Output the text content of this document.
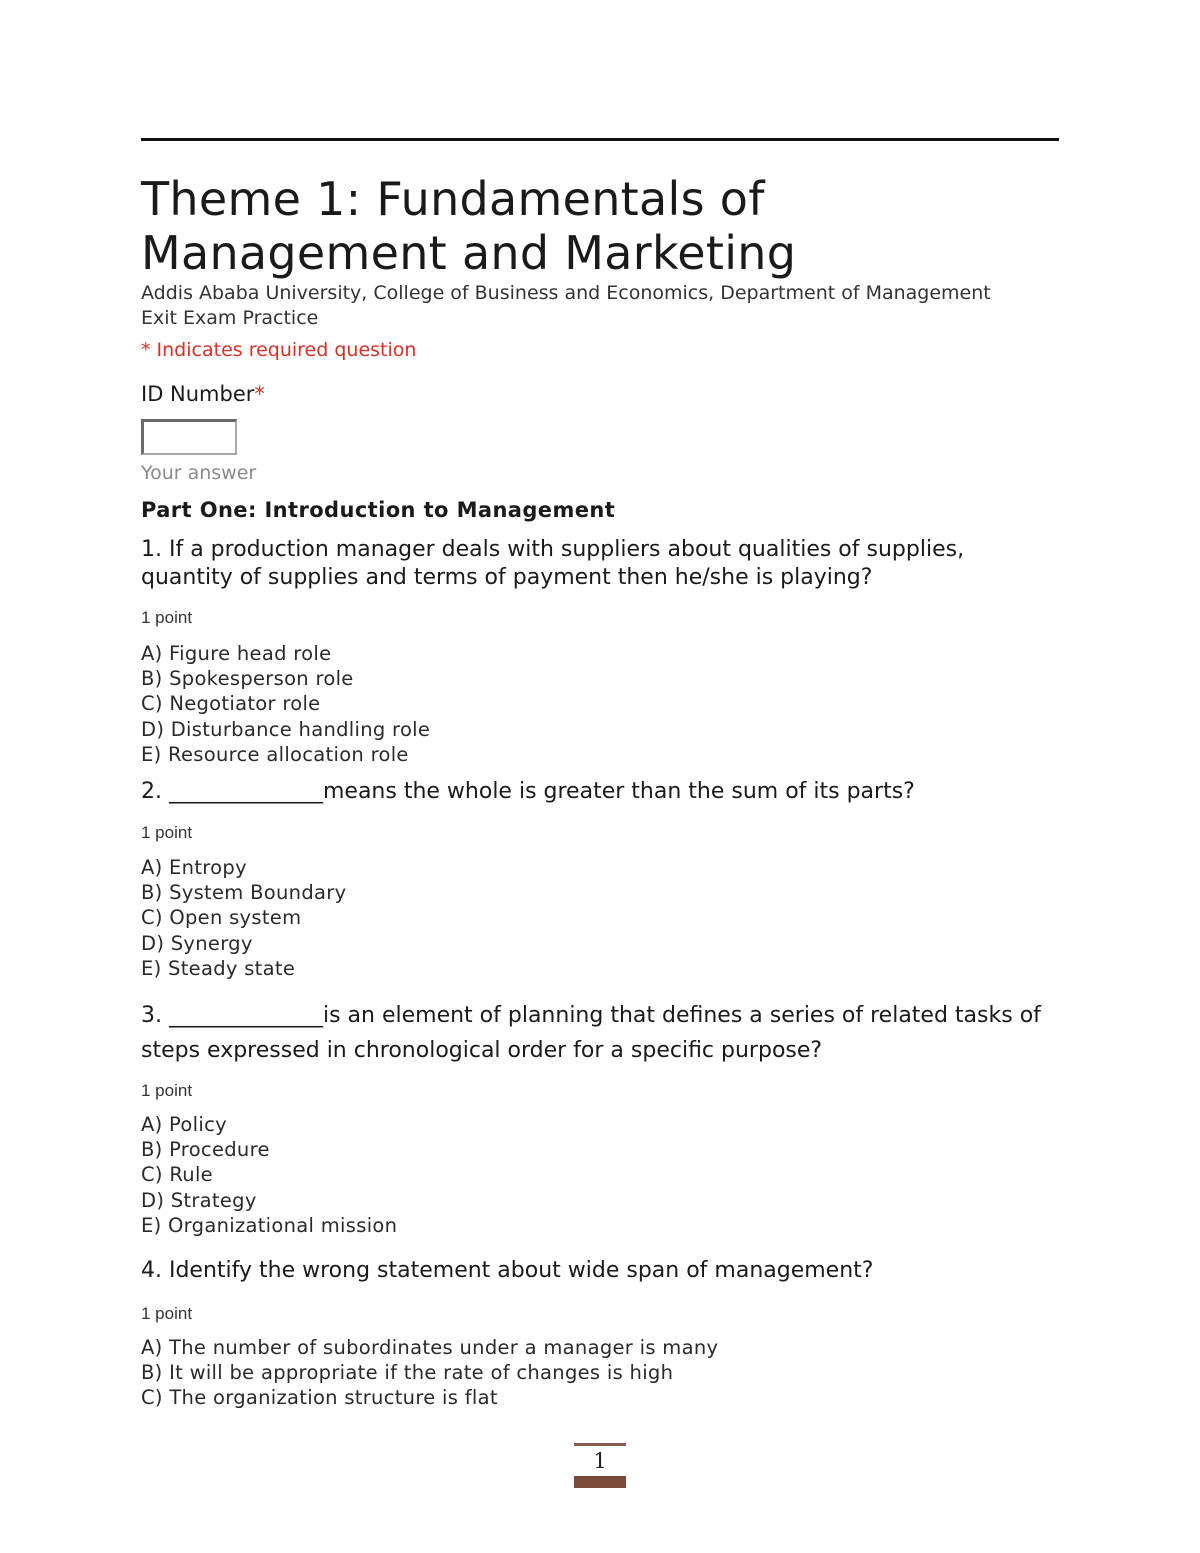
Theme 1: Fundamentals of
Management and Marketing
Addis Ababa University, College of Business and Economics, Department of Management Exit Exam Practice
* Indicates required question
ID Number*
Your answer
Part One: Introduction to Management

1. If a production manager deals with suppliers about qualities of supplies, quantity of supplies and terms of payment then he/she is playing?

1 point
A) Figure head role
B) Spokesperson role
C) Negotiator role
D) Disturbance handling role
E) Resource allocation role

2. ______________means the whole is greater than the sum of its parts?

1 point
A) Entropy
B) System Boundary
C) Open system
D) Synergy
E) Steady state

3. ______________is an element of planning that defines a series of related tasks of steps expressed in chronological order for a specific purpose?

1 point
A) Policy
B) Procedure
C) Rule
D) Strategy
E) Organizational mission

4. Identify the wrong statement about wide span of management?

1 point
A) The number of subordinates under a manager is many
B) It will be appropriate if the rate of changes is high
C) The organization structure is flat
1
